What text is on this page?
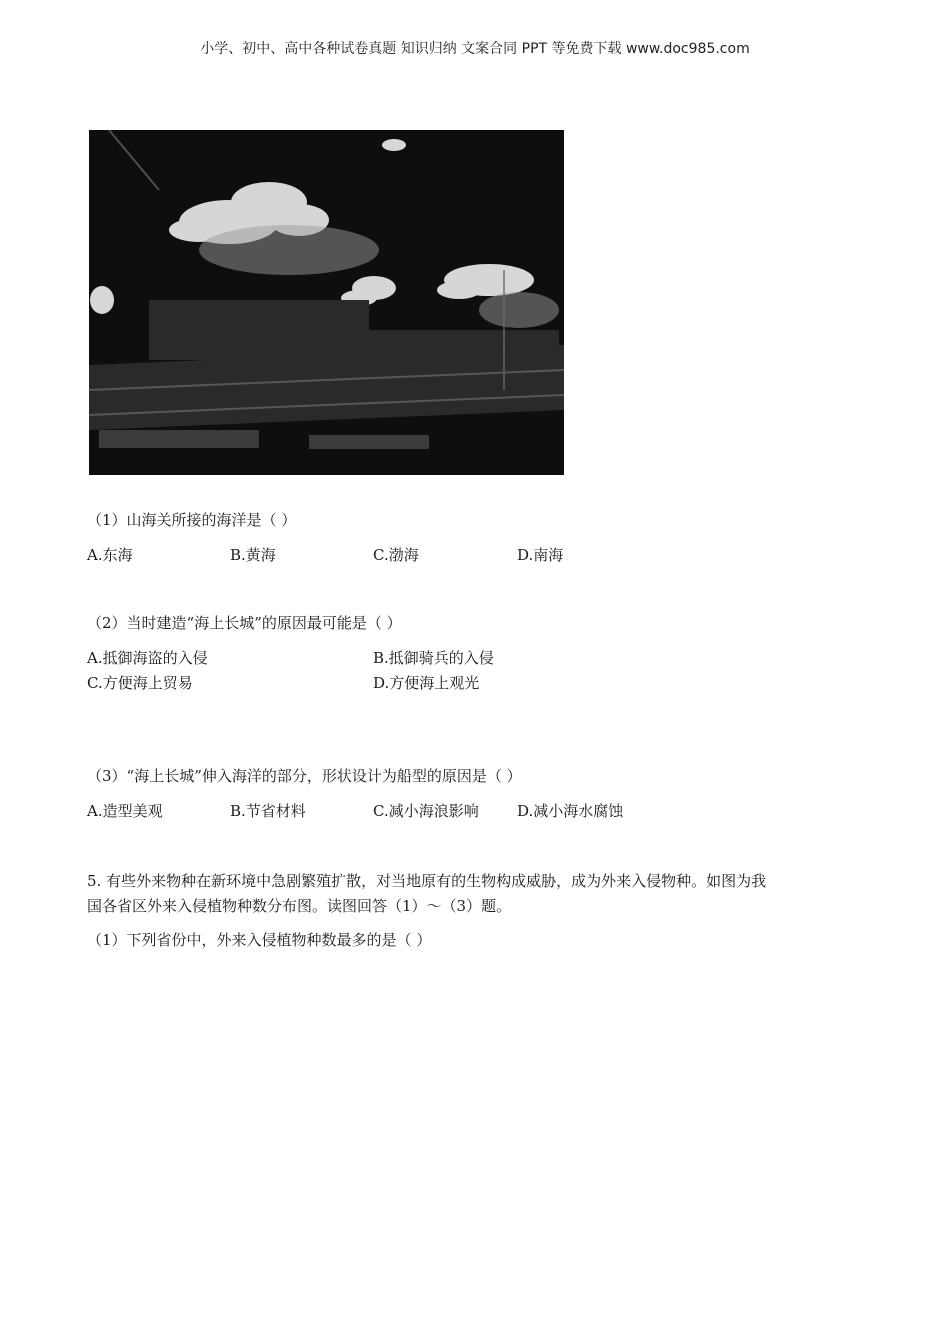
小学、初中、高中各种试卷真题 知识归纳 文案合同 PPT 等免费下载 www.doc985.com
（1）山海关所接的海洋是（ ）
A.东海	B.黄海	C.渤海	D.南海
（2）当时建造“海上长城”的原因最可能是（ ）
A.抵御海盗的入侵	B.抵御骑兵的入侵
C.方便海上贸易	D.方便海上观光
（3）“海上长城”伸入海洋的部分，形状设计为船型的原因是（ ）
A.造型美观	B.节省材料	C.减小海浪影响	D.减小海水腐蚀
5. 有些外来物种在新环境中急剧繁殖扩散，对当地原有的生物构成威胁，成为外来入侵物种。如图为我
国各省区外来入侵植物种数分布图。读图回答（1）～（3）题。
（1）下列省份中，外来入侵植物种数最多的是（ ）
